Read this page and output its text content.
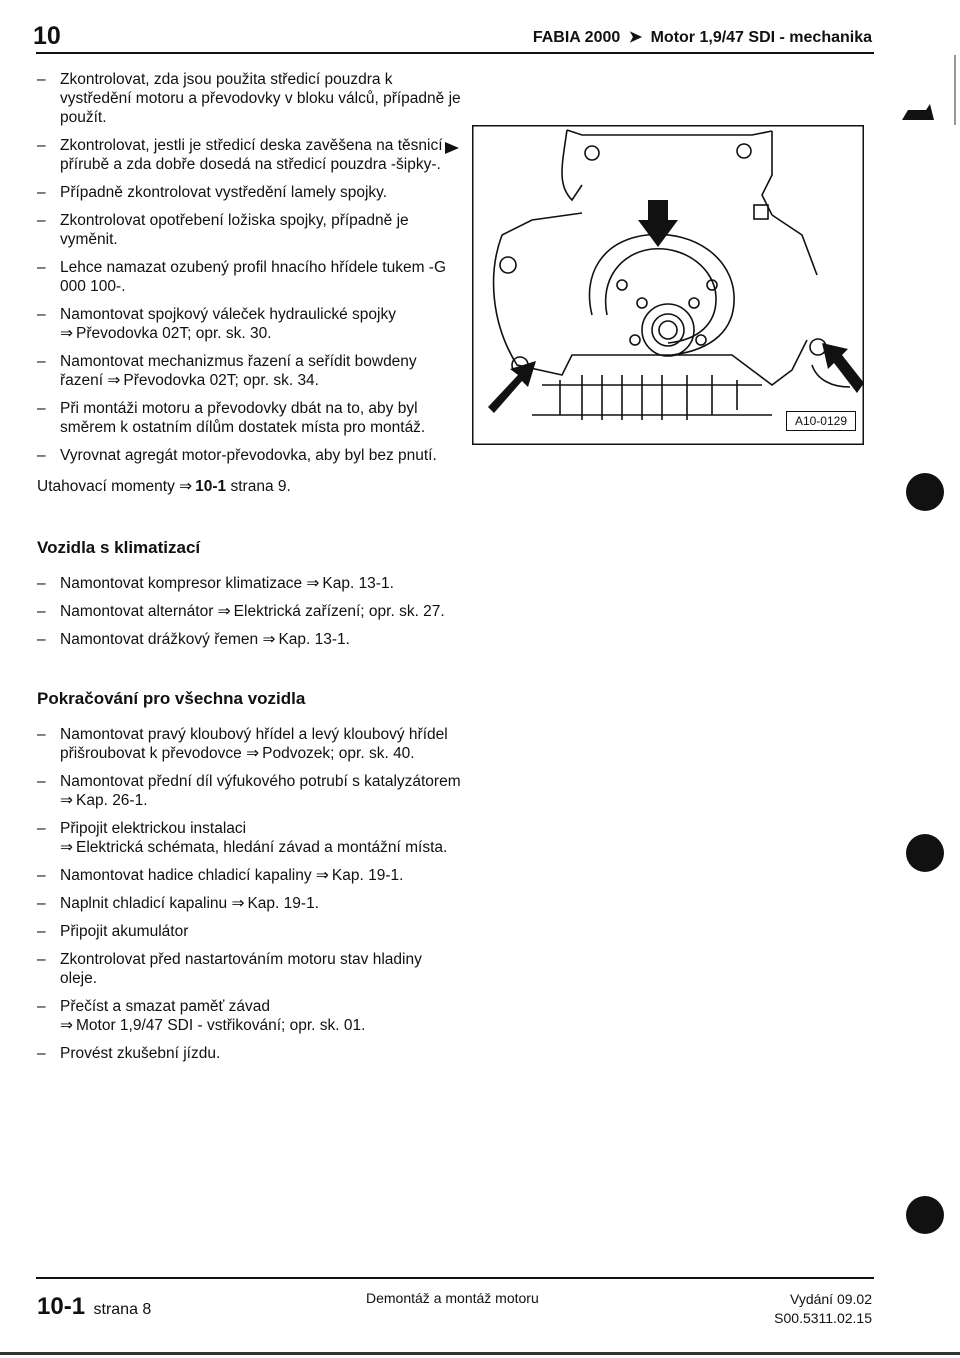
10	FABIA 2000 ➤ Motor 1,9/47 SDI - mechanika
– Zkontrolovat, zda jsou použita středicí pouzdra k vystředění motoru a převodovky v bloku válců, případně je použít.
– Zkontrolovat, jestli je středicí deska zavěšena na těsnicí přírubě a zda dobře dosedá na středicí pouzdra -šipky-.
– Případně zkontrolovat vystředění lamely spojky.
– Zkontrolovat opotřebení ložiska spojky, případně je vyměnit.
– Lehce namazat ozubený profil hnacího hřídele tukem -G 000 100-.
– Namontovat spojkový váleček hydraulické spojky
⇒ Převodovka 02T; opr. sk. 30.
– Namontovat mechanizmus řazení a seřídit bowdeny řazení ⇒ Převodovka 02T; opr. sk. 34.
– Při montáži motoru a převodovky dbát na to, aby byl směrem k ostatním dílům dostatek místa pro montáž.
– Vyrovnat agregát motor-převodovka, aby byl bez pnutí.
Utahovací momenty ⇒ 10-1 strana 9.
Vozidla s klimatizací
– Namontovat kompresor klimatizace ⇒ Kap. 13-1.
– Namontovat alternátor ⇒ Elektrická zařízení; opr. sk. 27.
– Namontovat drážkový řemen ⇒ Kap. 13-1.
Pokračování pro všechna vozidla
– Namontovat pravý kloubový hřídel a levý kloubový hřídel přišroubovat k převodovce ⇒ Podvozek; opr. sk. 40.
– Namontovat přední díl výfukového potrubí s katalyzátorem ⇒ Kap. 26-1.
– Připojit elektrickou instalaci ⇒ Elektrická schémata, hledání závad a montážní místa.
– Namontovat hadice chladicí kapaliny ⇒ Kap. 19-1.
– Naplnit chladicí kapalinu ⇒ Kap. 19-1.
– Připojit akumulátor
– Zkontrolovat před nastartováním motoru stav hladiny oleje.
– Přečíst a smazat paměť závad ⇒ Motor 1,9/47 SDI - vstřikování; opr. sk. 01.
– Provést zkušební jízdu.
A10-0129
10-1 strana 8
Demontáž a montáž motoru	Vydání 09.02
S00.5311.02.15
